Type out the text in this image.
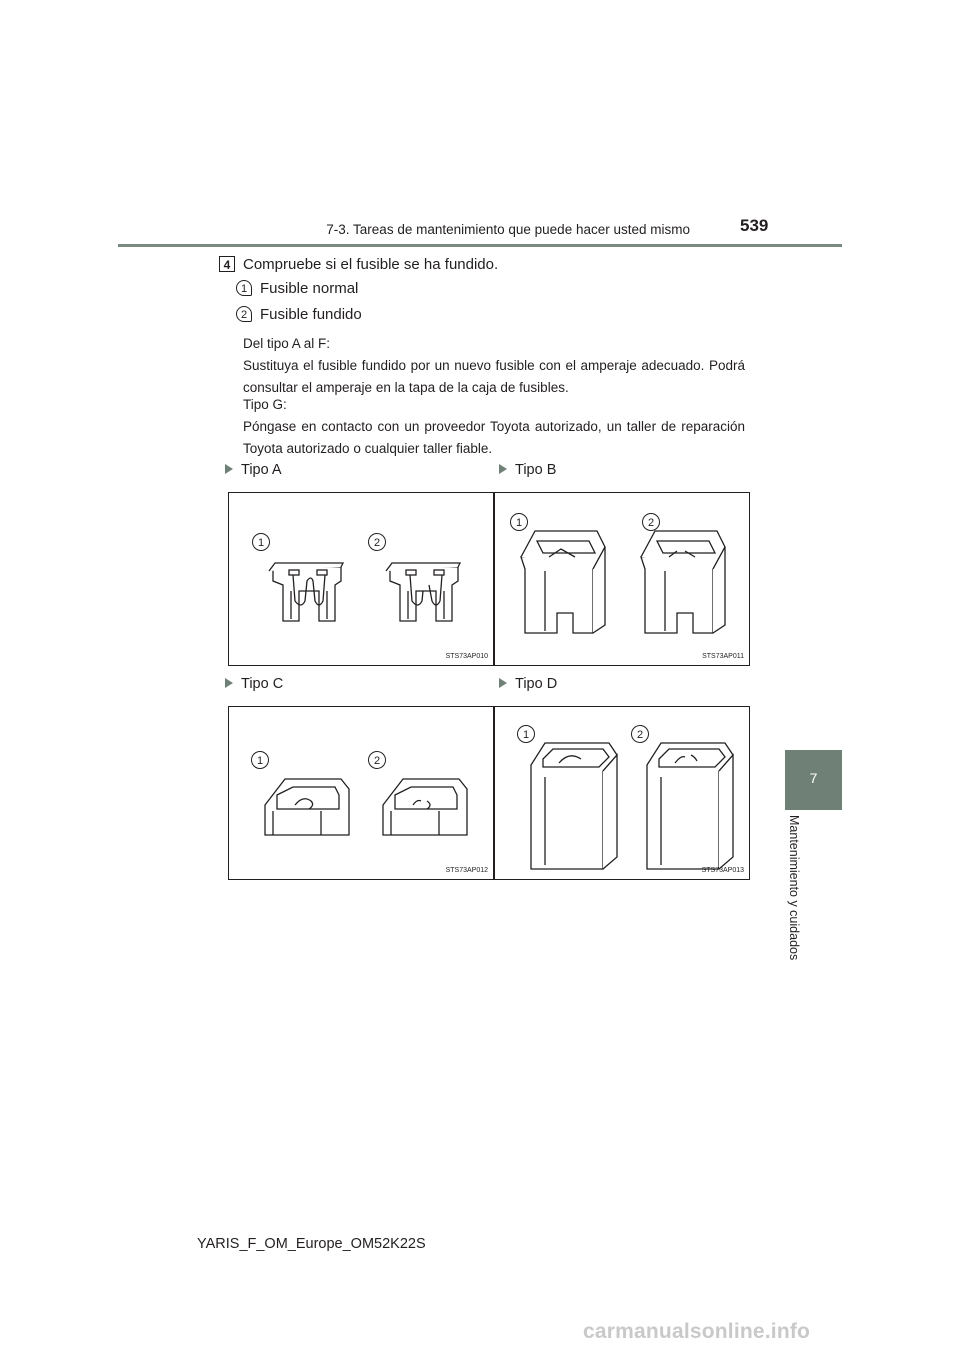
7-3. Tareas de mantenimiento que puede hacer usted mismo	539
7
Mantenimiento y cuidados
4 Compruebe si el fusible se ha fundido.
1 Fusible normal
2 Fusible fundido

Del tipo A al F:

Sustituya el fusible fundido por un nuevo fusible con el amperaje adecuado. Podrá consultar el amperaje en la tapa de la caja de fusibles.

Tipo G:

Póngase en contacto con un proveedor Toyota autorizado, un taller de reparación Toyota autorizado o cualquier taller fiable.

Tipo A	Tipo B
Tipo C	Tipo D
1	2
STS73AP010
1	2
STS73AP011
1	2
STS73AP012
1	2
STS73AP013
YARIS_F_OM_Europe_OM52K22S
carmanualsonline.info
